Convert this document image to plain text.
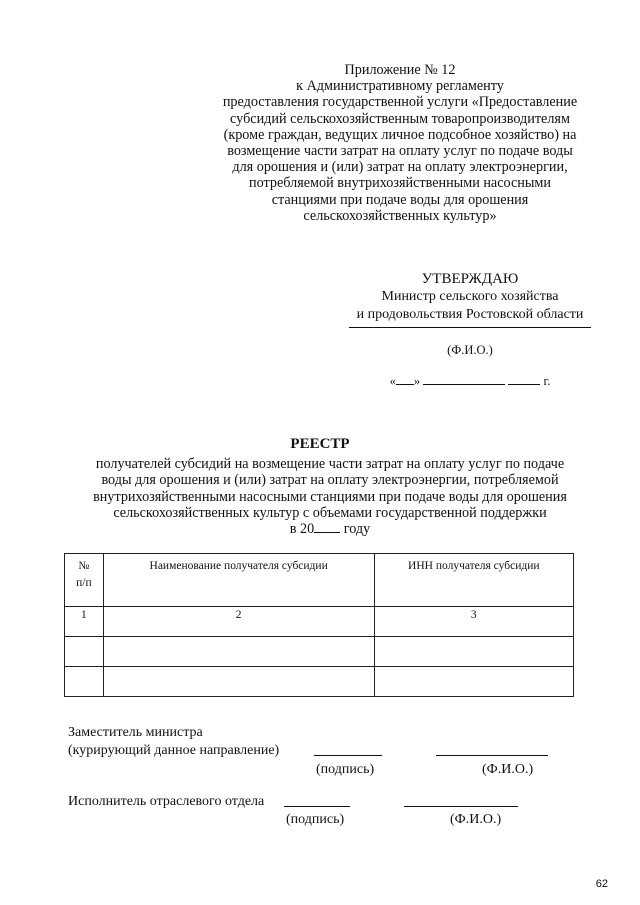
Приложение № 12
к Административному регламенту
предоставления государственной услуги «Предоставление
субсидий сельскохозяйственным товаропроизводителям
(кроме граждан, ведущих личное подсобное хозяйство) на
возмещение части затрат на оплату услуг по подаче воды
для орошения и (или) затрат на оплату электроэнергии,
потребляемой внутрихозяйственными насосными
станциями при подаче воды для орошения
сельскохозяйственных культур»
УТВЕРЖДАЮ
Министр сельского хозяйства
и продовольствия Ростовской области
(Ф.И.О.)
« »	г.
РЕЕСТР
получателей субсидий на возмещение части затрат на оплату услуг по подаче
воды для орошения и (или) затрат на оплату электроэнергии, потребляемой
внутрихозяйственными насосными станциями при подаче воды для орошения
сельскохозяйственных культур с объемами государственной поддержки
в 20 году
№
п/п	Наименование получателя субсидии	ИНН получателя субсидии
1	2	3

Заместитель министра
(курирующий данное направление)
(подпись)	(Ф.И.О.)
Исполнитель отраслевого отдела
(подпись)	(Ф.И.О.)
62
